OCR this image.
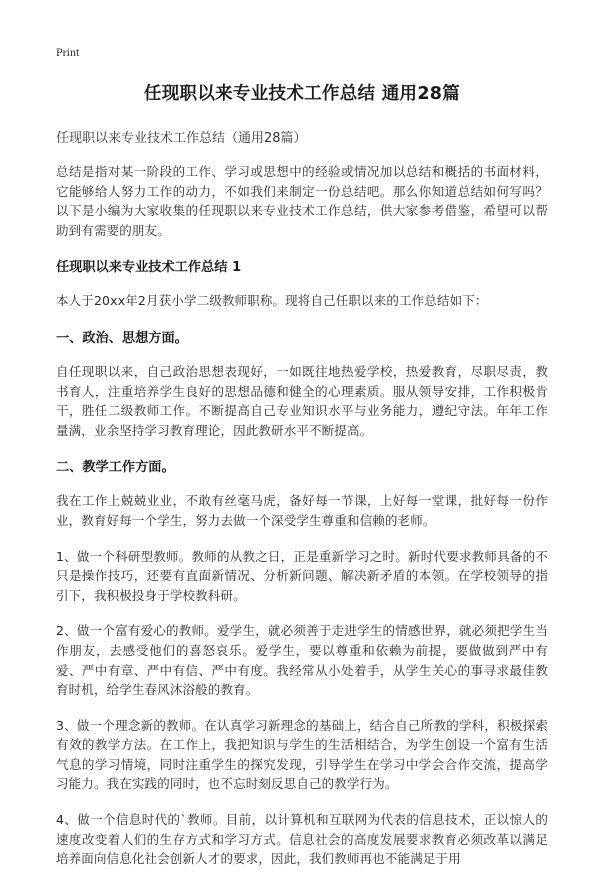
Print
任现职以来专业技术工作总结 通用28篇
任现职以来专业技术工作总结（通用28篇）

总结是指对某一阶段的工作、学习或思想中的经验或情况加以总结和概括的书面材料，它能够给人努力工作的动力，不如我们来制定一份总结吧。那么你知道总结如何写吗？以下是小编为大家收集的任现职以来专业技术工作总结，供大家参考借鉴，希望可以帮助到有需要的朋友。

任现职以来专业技术工作总结 1

本人于20xx年2月获小学二级教师职称。现将自己任职以来的工作总结如下：

一、政治、思想方面。

自任现职以来，自己政治思想表现好，一如既往地热爱学校，热爱教育，尽职尽责，教书育人，注重培养学生良好的思想品德和健全的心理素质。服从领导安排，工作积极肯干，胜任二级教师工作。不断提高自己专业知识水平与业务能力，遵纪守法。年年工作量满，业余坚持学习教育理论，因此教研水平不断提高。

二、教学工作方面。

我在工作上兢兢业业，不敢有丝毫马虎，备好每一节课，上好每一堂课，批好每一份作业，教育好每一个学生，努力去做一个深受学生尊重和信赖的老师。

1、做一个科研型教师。教师的从教之日，正是重新学习之时。新时代要求教师具备的不只是操作技巧，还要有直面新情况、分析新问题、解决新矛盾的本领。在学校领导的指引下，我积极投身于学校教科研。

2、做一个富有爱心的教师。爱学生，就必须善于走进学生的情感世界，就必须把学生当作朋友，去感受他们的喜怒哀乐。爱学生，要以尊重和依赖为前提，要做做到严中有爱、严中有章、严中有信、严中有度。我经常从小处着手，从学生关心的事寻求最佳教育时机，给学生春风沐浴般的教育。

3、做一个理念新的教师。在认真学习新理念的基础上，结合自己所教的学科，积极探索有效的教学方法。在工作上，我把知识与学生的生活相结合，为学生创设一个富有生活气息的学习情境，同时注重学生的探究发现，引导学生在学习中学会合作交流，提高学习能力。我在实践的同时，也不忘时刻反思自己的教学行为。

4、做一个信息时代的`教师。目前，以计算机和互联网为代表的信息技术，正以惊人的速度改变着人们的生存方式和学习方式。信息社会的高度发展要求教育必须改革以满足培养面向信息化社会创新人才的要求，因此，我们教师再也不能满足于用
